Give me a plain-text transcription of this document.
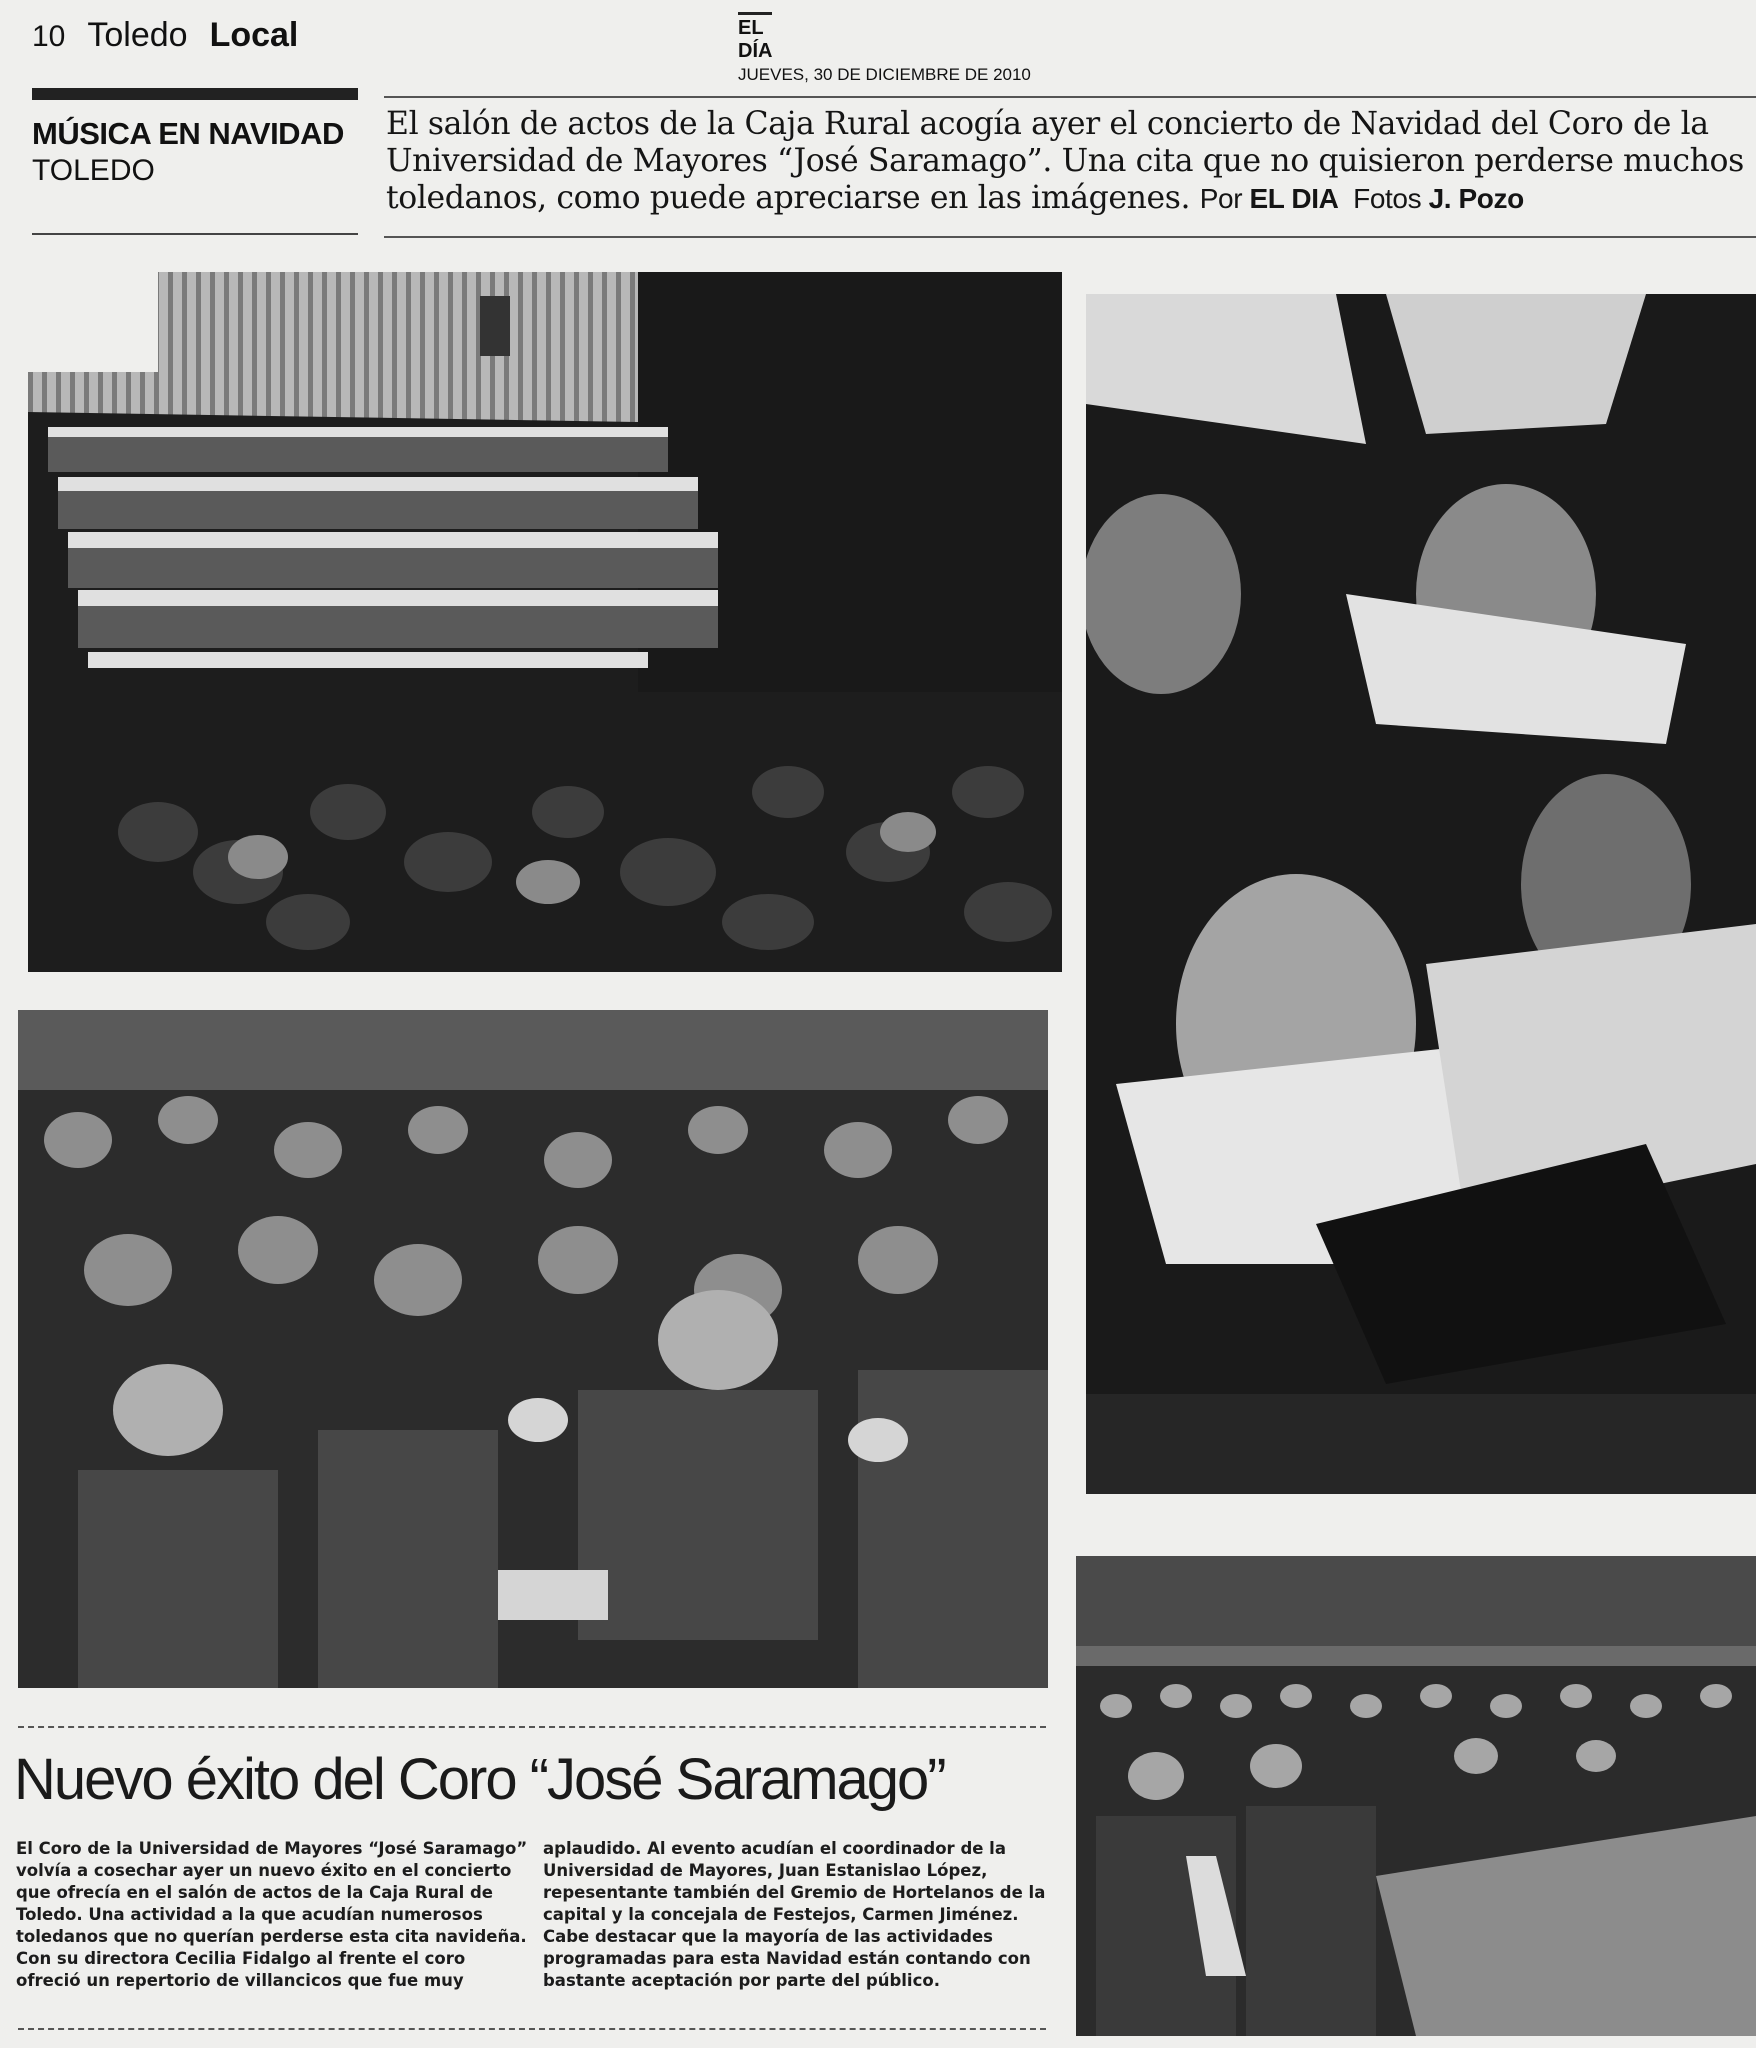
10 Toledo Local	EL DÍA
JUEVES, 30 DE DICIEMBRE DE 2010
MÚSICA EN NAVIDAD
TOLEDO
El salón de actos de la Caja Rural acogía ayer el concierto de Navidad del Coro de la Universidad de Mayores “José Saramago”. Una cita que no quisieron perderse muchos toledanos, como puede apreciarse en las imágenes. Por EL DIA Fotos J. Pozo
Nuevo éxito del Coro “José Saramago”
El Coro de la Universidad de Mayores “José Saramago”
volvía a cosechar ayer un nuevo éxito en el concierto
que ofrecía en el salón de actos de la Caja Rural de
Toledo. Una actividad a la que acudían numerosos
toledanos que no querían perderse esta cita navideña.
Con su directora Cecilia Fidalgo al frente el coro
ofreció un repertorio de villancicos que fue muy
aplaudido. Al evento acudían el coordinador de la
Universidad de Mayores, Juan Estanislao López,
repesentante también del Gremio de Hortelanos de la
capital y la concejala de Festejos, Carmen Jiménez.
Cabe destacar que la mayoría de las actividades
programadas para esta Navidad están contando con
bastante aceptación por parte del público.
